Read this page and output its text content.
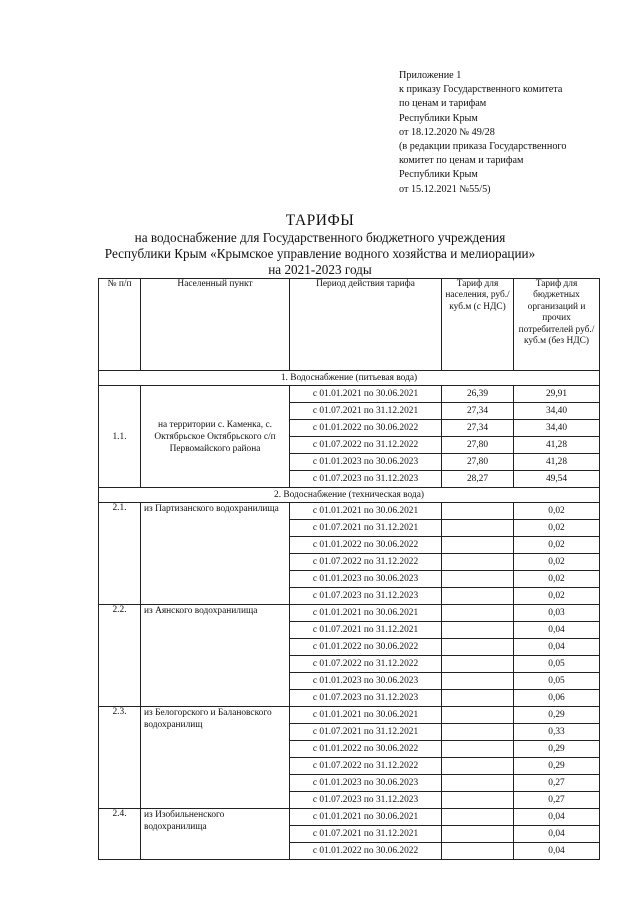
Приложение 1
к приказу Государственного комитета
по ценам и тарифам
Республики Крым
от 18.12.2020 № 49/28
(в редакции приказа Государственного
комитет по ценам и тарифам
Республики Крым
от 15.12.2021 №55/5)
ТАРИФЫ
на водоснабжение для Государственного бюджетного учреждения
Республики Крым «Крымское управление водного хозяйства и мелиорации»
на 2021-2023 годы
№ п/п	Населенный пункт	Период действия тарифа	Тариф для населения, руб./куб.м (с НДС)	Тариф для бюджетных организаций и прочих потребителей руб./куб.м (без НДС)
1. Водоснабжение (питьевая вода)				
1.1.	на территории с. Каменка, с. Октябрьское Октябрьского с/п Первомайского района	с 01.01.2021 по 30.06.2021	26,39	29,91
		с 01.07.2021 по 31.12.2021	27,34	34,40
		с 01.01.2022 по 30.06.2022	27,34	34,40
		с 01.07.2022 по 31.12.2022	27,80	41,28
		с 01.01.2023 по 30.06.2023	27,80	41,28
		с 01.07.2023 по 31.12.2023	28,27	49,54
2. Водоснабжение (техническая вода)				
2.1.	из Партизанского водохранилища	с 01.01.2021 по 30.06.2021		0,02
		с 01.07.2021 по 31.12.2021		0,02
		с 01.01.2022 по 30.06.2022		0,02
		с 01.07.2022 по 31.12.2022		0,02
		с 01.01.2023 по 30.06.2023		0,02
		с 01.07.2023 по 31.12.2023		0,02
2.2.	из Аянского водохранилища	с 01.01.2021 по 30.06.2021		0,03
		с 01.07.2021 по 31.12.2021		0,04
		с 01.01.2022 по 30.06.2022		0,04
		с 01.07.2022 по 31.12.2022		0,05
		с 01.01.2023 по 30.06.2023		0,05
		с 01.07.2023 по 31.12.2023		0,06
2.3.	из Белогорского и Балановского водохранилищ	с 01.01.2021 по 30.06.2021		0,29
		с 01.07.2021 по 31.12.2021		0,33
		с 01.01.2022 по 30.06.2022		0,29
		с 01.07.2022 по 31.12.2022		0,29
		с 01.01.2023 по 30.06.2023		0,27
		с 01.07.2023 по 31.12.2023		0,27
2.4.	из Изобильненского водохранилища	с 01.01.2021 по 30.06.2021		0,04
		с 01.07.2021 по 31.12.2021		0,04
		с 01.01.2022 по 30.06.2022		0,04
